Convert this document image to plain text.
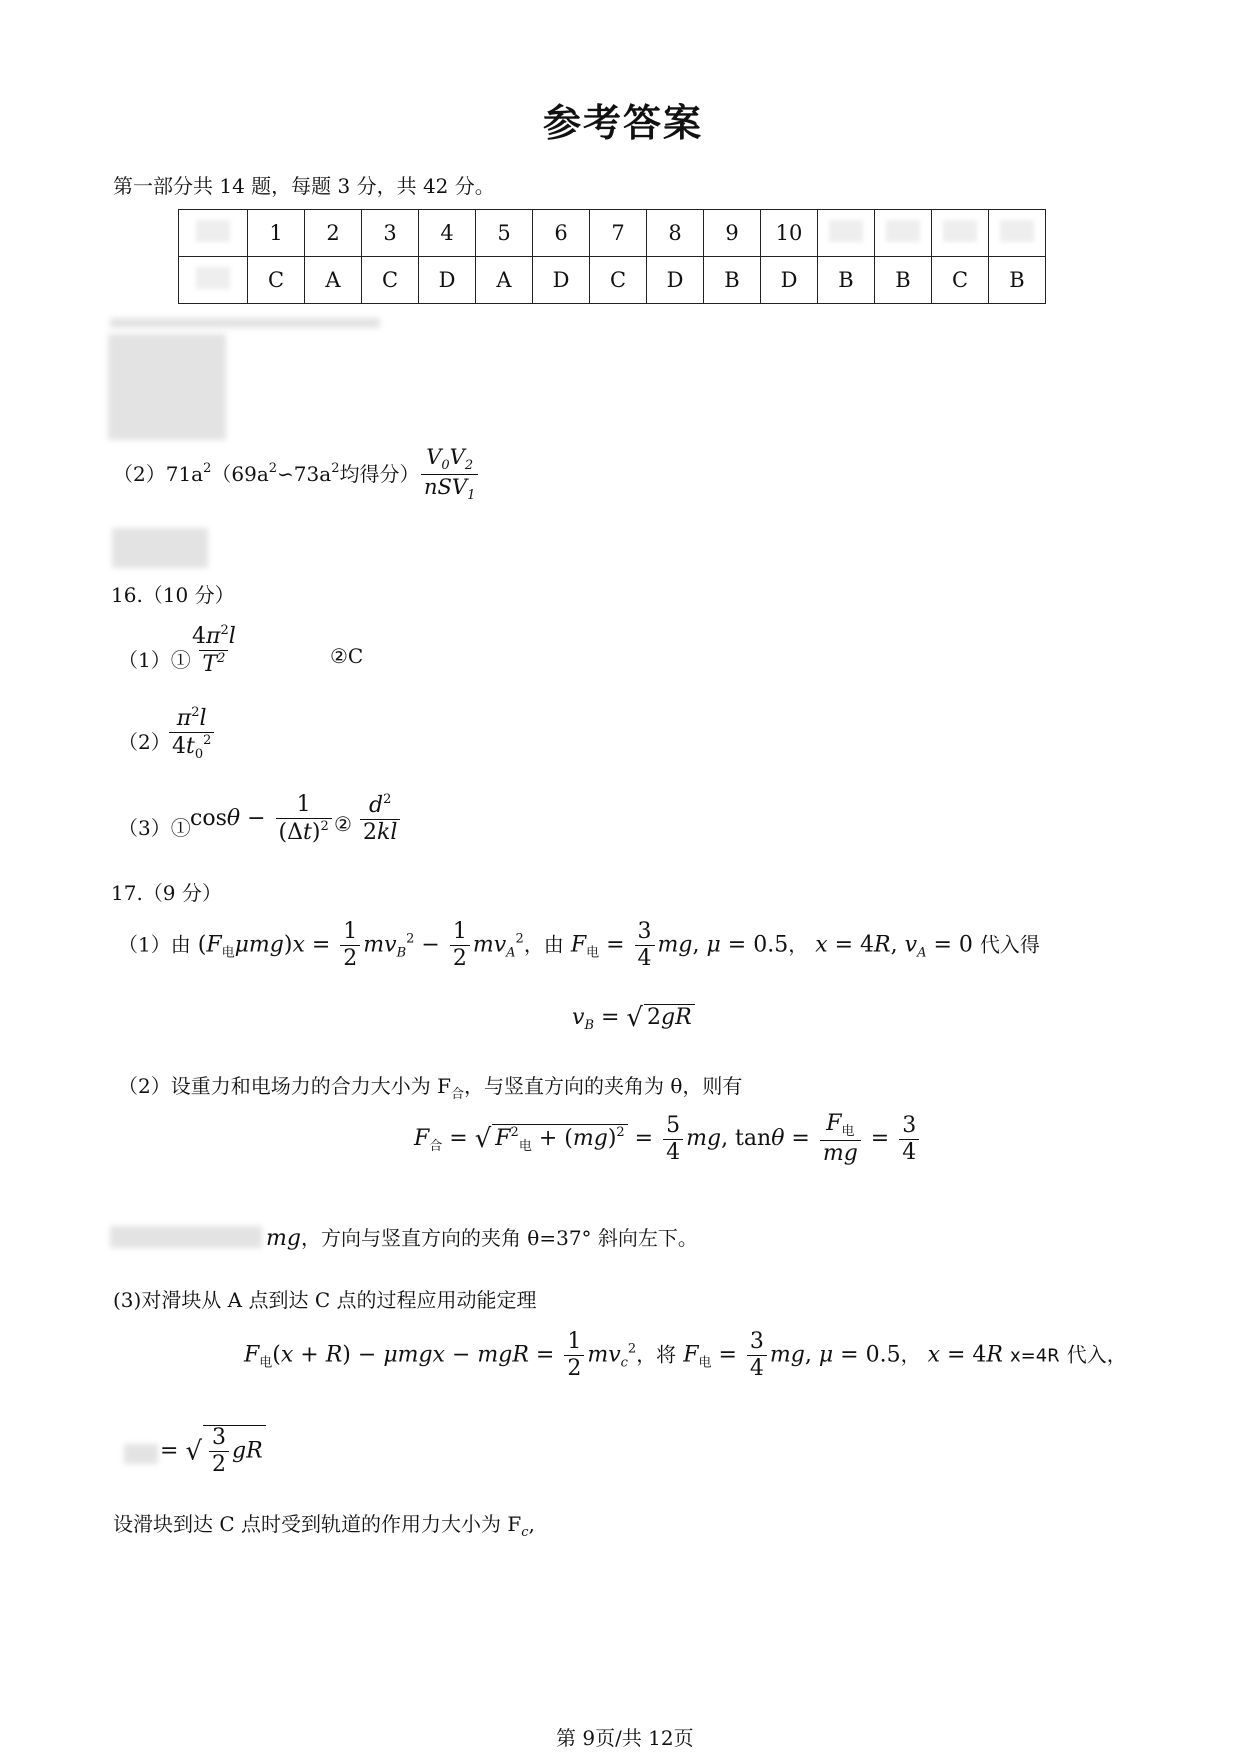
参考答案
第一部分共 14 题，每题 3 分，共 42 分。
	1	2	3	4	5	6	7	8	9	10				
	C	A	C	D	A	D	C	D	B	D	B	B	C	B
$(2)71a^2(69a^2∽73a^2$均得分） $\frac{V_0V_2}{nSV_1}$
16.（10 分）
（1）①
$\frac{4\pi^2l}{T^2}$	②C
（2）
$\frac{\pi^2l}{4t_0^2}$
（3）① $\cos\theta - \frac{1}{(\Delta t)^2}$ ② $\frac{d^2}{2kl}$
17.（9 分）
（1）由 $(F_电\mu mg)x = \frac{1}{2} mv_B^2 - \frac{1}{2} mv_A^2$，由 $F_电 = \frac{3}{4}$ mg, μ = 0.5， x = 4R, $v_A = 0$ 代入得
$v_B$ = √ 2gR
（2）设重力和电场力的合力大小为 $F_合$，与竖直方向的夹角为 θ，则有
$F_合$ = √ $F^2_电 + (mg)^2 = \frac{5}{4}$ mg, $\tan\theta = \frac{F_电}{mg} = \frac{3}{4}$
mg，方向与竖直方向的夹角 θ=37° 斜向左下。
(3)对滑块从 A 点到达 C 点的过程应用动能定理
$F_电(x + R) - \mu mgx$ − mgR = $\frac{1}{2} mv_c^2$，将 $F_电 = \frac{3}{4}$ mg, μ = 0.5， x = 4R x=4R 代入，
= √ $\frac{3}{2}$ gR
设滑块到达 C 点时受到轨道的作用力大小为 $F_c$,
第 9页/共 12页
